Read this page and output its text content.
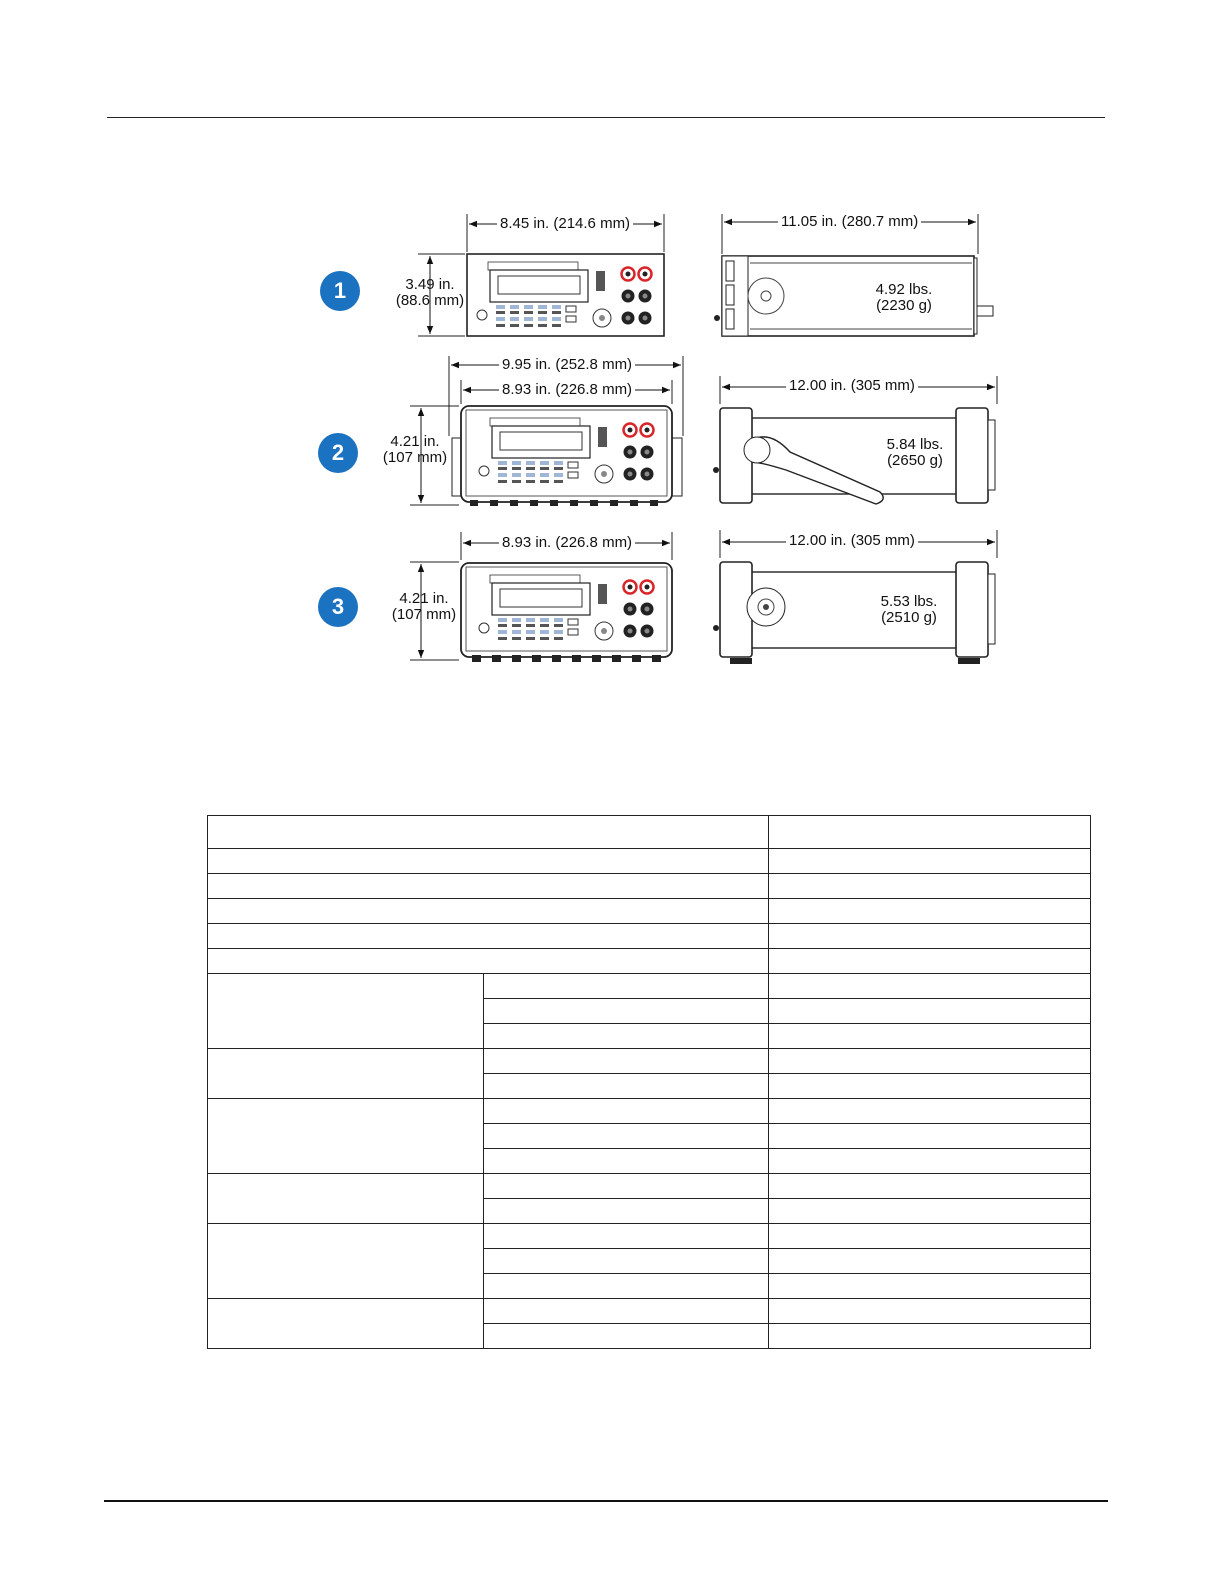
1
2
3
8.45 in. (214.6 mm)
3.49 in.
(88.6 mm)
11.05 in. (280.7 mm)
4.92 lbs.
(2230 g)
9.95 in. (252.8 mm)
8.93 in. (226.8 mm)
4.21 in.
(107 mm)
12.00 in. (305 mm)
5.84 lbs.
(2650 g)
8.93 in. (226.8 mm)
4.21 in.
(107 mm)
12.00 in. (305 mm)
5.53 lbs.
(2510 g)
